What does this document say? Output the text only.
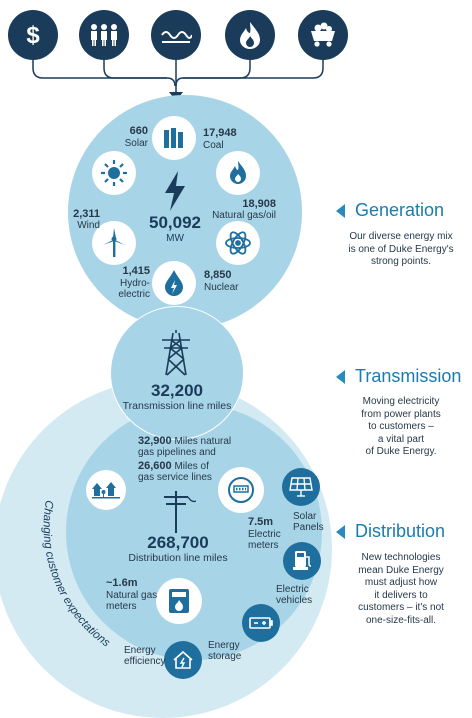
$
50,092
MW
660
Solar
17,948
Coal
18,908
Natural gas/oil
2,311
Wind
1,415
Hydro-
electric
8,850
Nuclear
32,200
Transmission line miles
32,900 Miles natural
gas pipelines and
26,600 Miles of
gas service lines
268,700
Distribution line miles
7.5m
Electric
meters
~1.6m
Natural gas
meters
Solar
Panels
Electric
vehicles
Energy
storage
Energy
efficiency
Changing customer expectations
Generation
Our diverse energy mix
is one of Duke Energy's
strong points.
Transmission
Moving electricity
from power plants
to customers –
a vital part
of Duke Energy.
Distribution
New technologies
mean Duke Energy
must adjust how
it delivers to
customers – it's not
one-size-fits-all.
